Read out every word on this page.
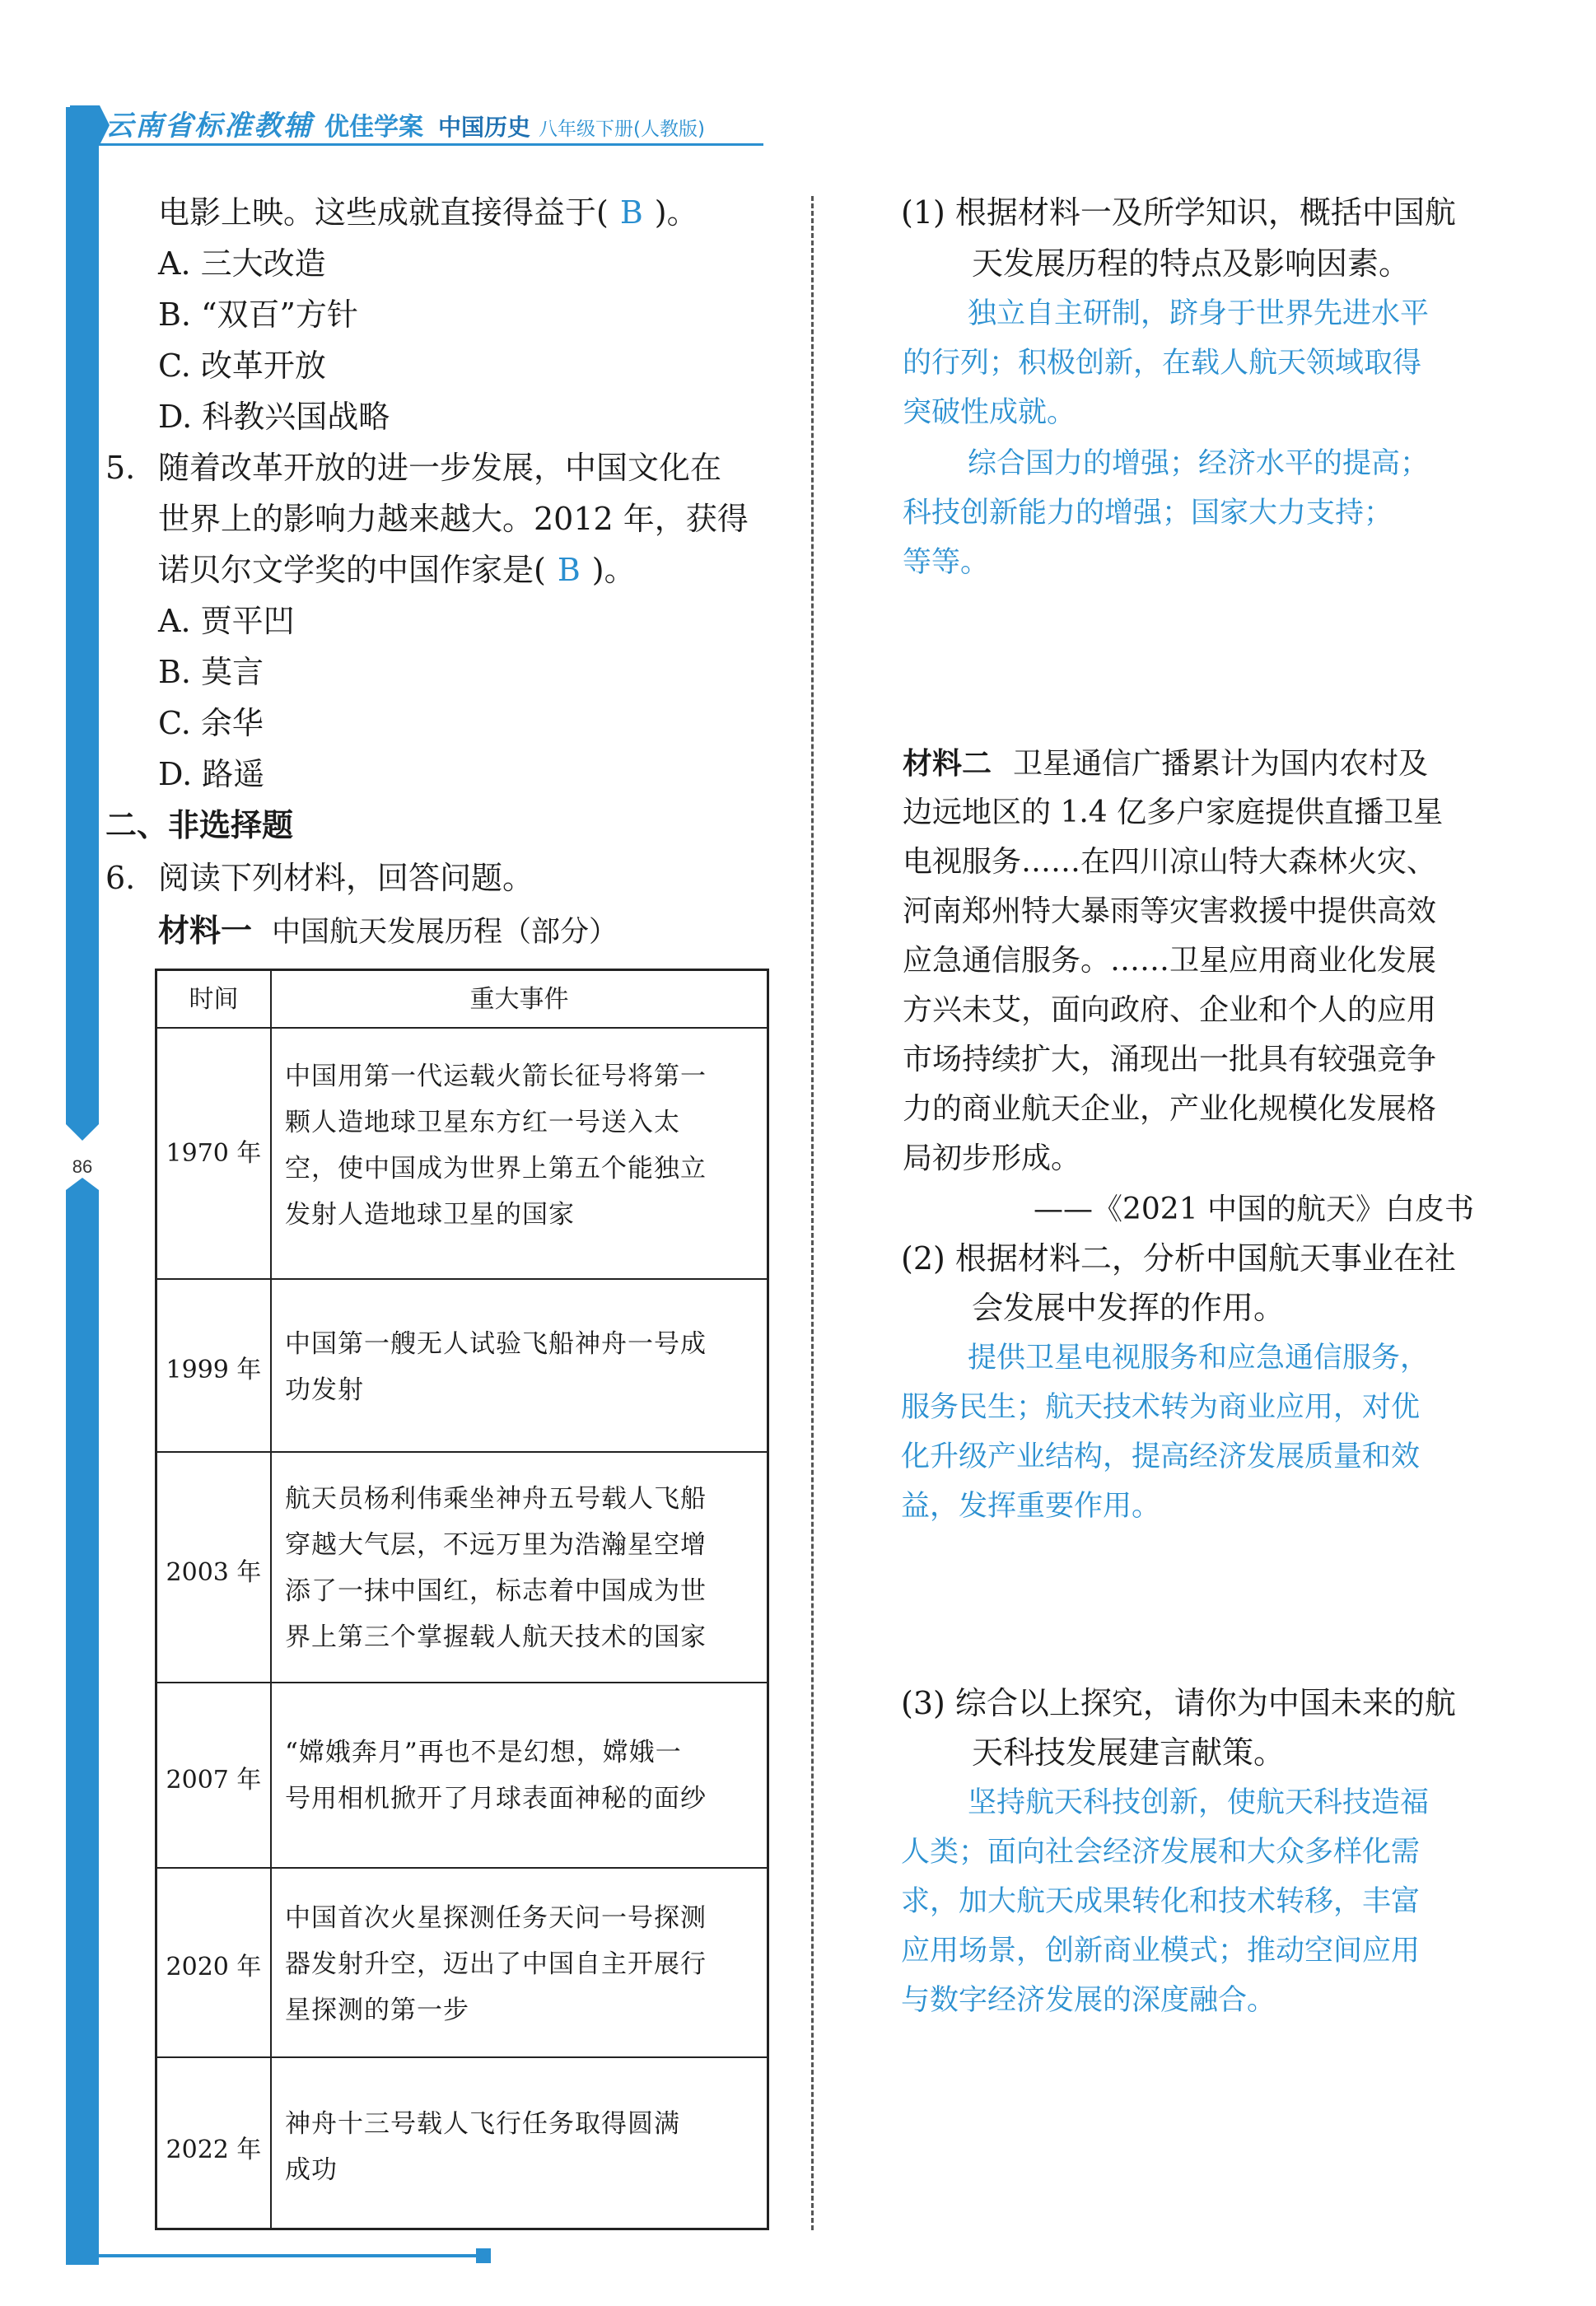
云南省标准教辅 优佳学案 中国历史 八年级下册(人教版)
86
电影上映。这些成就直接得益于( B )。
A. 三大改造
B. “双百”方针
C. 改革开放
D. 科教兴国战略
5. 随着改革开放的进一步发展，中国文化在
世界上的影响力越来越大。2012 年，获得
诺贝尔文学奖的中国作家是( B )。
A. 贾平凹
B. 莫言
C. 余华
D. 路遥
二、非选择题
6. 阅读下列材料，回答问题。
材料一 中国航天发展历程（部分）
时间	重大事件
1970 年
中国用第一代运载火箭长征号将第一
颗人造地球卫星东方红一号送入太
空，使中国成为世界上第五个能独立
发射人造地球卫星的国家
1999 年
中国第一艘无人试验飞船神舟一号成
功发射
2003 年
航天员杨利伟乘坐神舟五号载人飞船
穿越大气层，不远万里为浩瀚星空增
添了一抹中国红，标志着中国成为世
界上第三个掌握载人航天技术的国家
2007 年
“嫦娥奔月”再也不是幻想，嫦娥一
号用相机掀开了月球表面神秘的面纱
2020 年
中国首次火星探测任务天问一号探测
器发射升空，迈出了中国自主开展行
星探测的第一步
2022 年
神舟十三号载人飞行任务取得圆满
成功
(1) 根据材料一及所学知识，概括中国航
天发展历程的特点及影响因素。
独立自主研制，跻身于世界先进水平
的行列；积极创新，在载人航天领域取得
突破性成就。
综合国力的增强；经济水平的提高；
科技创新能力的增强；国家大力支持；
等等。
材料二 卫星通信广播累计为国内农村及
边远地区的 1.4 亿多户家庭提供直播卫星
电视服务……在四川凉山特大森林火灾、
河南郑州特大暴雨等灾害救援中提供高效
应急通信服务。……卫星应用商业化发展
方兴未艾，面向政府、企业和个人的应用
市场持续扩大，涌现出一批具有较强竞争
力的商业航天企业，产业化规模化发展格
局初步形成。
——《2021 中国的航天》白皮书
(2) 根据材料二，分析中国航天事业在社
会发展中发挥的作用。
提供卫星电视服务和应急通信服务，
服务民生；航天技术转为商业应用，对优
化升级产业结构，提高经济发展质量和效
益，发挥重要作用。
(3) 综合以上探究，请你为中国未来的航
天科技发展建言献策。
坚持航天科技创新，使航天科技造福
人类；面向社会经济发展和大众多样化需
求，加大航天成果转化和技术转移，丰富
应用场景，创新商业模式；推动空间应用
与数字经济发展的深度融合。
